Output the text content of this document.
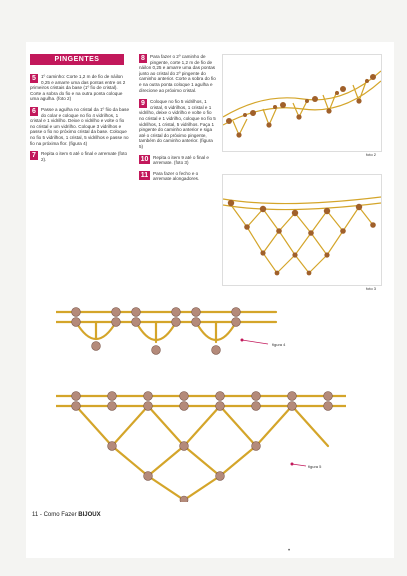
PINGENTES
5	1º caminho: Corte 1,2 m de fio de náilon 0,25 e amarre uma das pontas entre os 2 primeiros cristais da base (1º fio de cristal). Corte a sobra do fio e na outra ponta coloque uma agulha. (foto 2)
6	Passe a agulha no cristal da 1º fiio da base do colar e coloque no fio 4 vidrilhos, 1 cristal e 1 vidrilho. Deixe o vidrilho e volte o fio no cristal e um vidrilho. Coloque 3 vidrilhos e passe o fio no próximo cristal da base. Coloque no fio 5 vidrilhos, 1 cristal, 5 vidrilhos e passe no fio na próxima flor. (figura 4)
7	Repita o item 6 até o final e arremate (foto 2).
8	Para fazer o 2º caminho de pingente, corte 1,2 m de fio de náilon 0,25 e amarre uma das pontas junto ao cristal do 2º pingente do caminho anterior. Corte a sobra do fio e na outra ponta coloque 1 agulha e direcione ao próximo cristal.
9	Coloque no fio 5 vidrilhos, 1 cristal, 6 vidrilhos, 1 cristal e 1 vidrilho, deixe o vidrilho e volte o fio no cristal e 1 vidrilho, coloque no fio 5 vidrilhos, 1 cristal, 5 vidrilhos. Faça 1 pingente do caminho anterior e siga até o cristal do próximo pingente, também do caminho anterior. (figura 5)
10	Repita o item 9 até o final e arremate. (foto 3)
11	Para fazer o fecho e o arremate alongadores.
foto 2
foto 3
figura 4
figura 5
11 - Como Fazer BIJOUX
•
